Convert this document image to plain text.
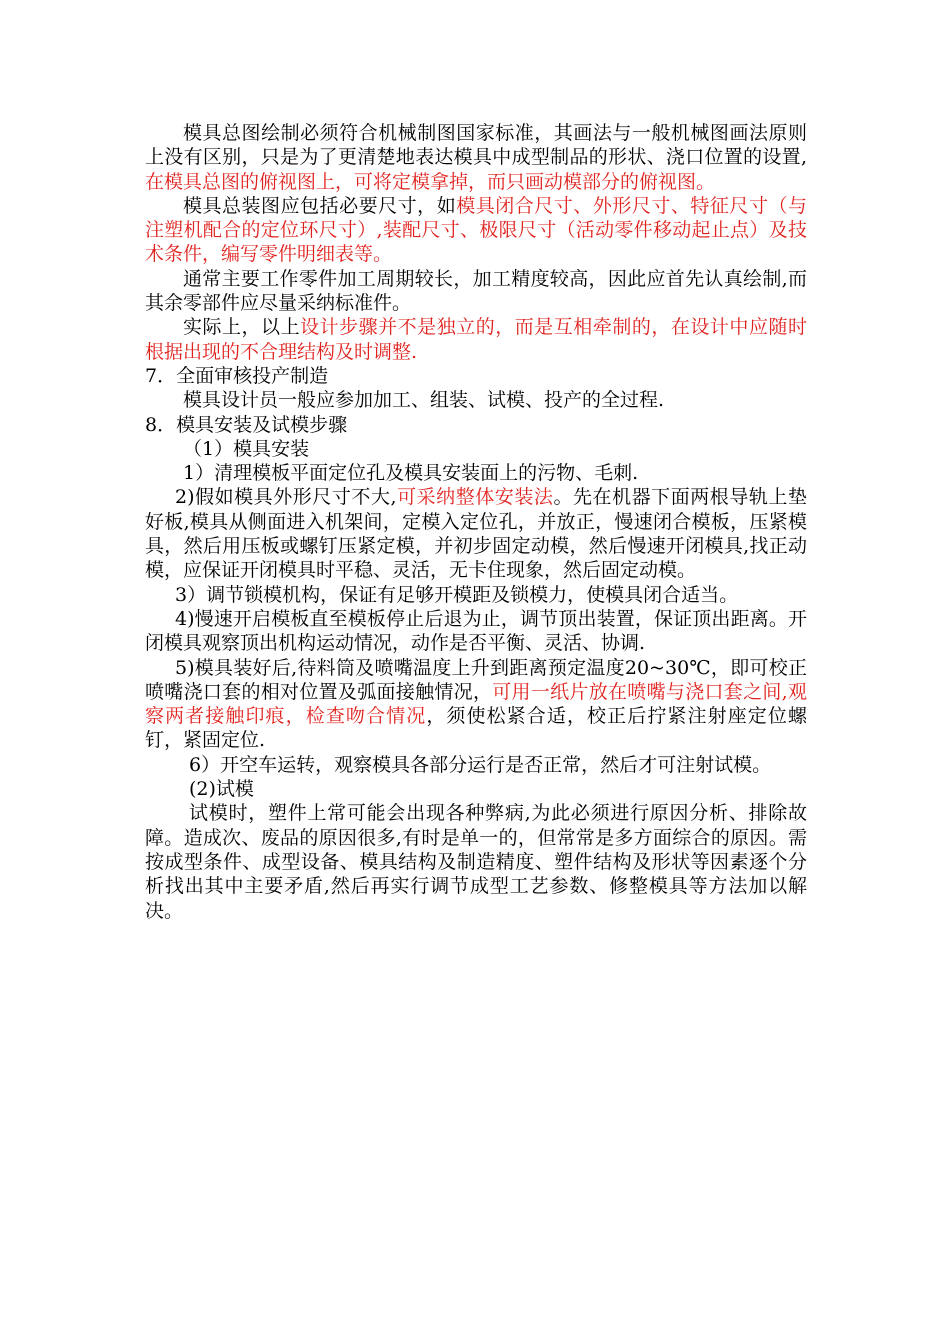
模具总图绘制必须符合机械制图国家标准，其画法与一般机械图画法原则上没有区别，只是为了更清楚地表达模具中成型制品的形状、浇口位置的设置,在模具总图的俯视图上，可将定模拿掉，而只画动模部分的俯视图。

模具总装图应包括必要尺寸，如模具闭合尺寸、外形尺寸、特征尺寸（与注塑机配合的定位环尺寸）,装配尺寸、极限尺寸（活动零件移动起止点）及技术条件，编写零件明细表等。

通常主要工作零件加工周期较长，加工精度较高，因此应首先认真绘制,而其余零部件应尽量采纳标准件。

实际上，以上设计步骤并不是独立的，而是互相牵制的，在设计中应随时根据出现的不合理结构及时调整.

7．全面审核投产制造

模具设计员一般应参加加工、组装、试模、投产的全过程.

8．模具安装及试模步骤

（1）模具安装

1）清理模板平面定位孔及模具安装面上的污物、毛刺.

2)假如模具外形尺寸不大,可采纳整体安装法。先在机器下面两根导轨上垫好板,模具从侧面进入机架间，定模入定位孔，并放正，慢速闭合模板，压紧模具，然后用压板或螺钉压紧定模，并初步固定动模，然后慢速开闭模具,找正动模，应保证开闭模具时平稳、灵活，无卡住现象，然后固定动模。

3）调节锁模机构，保证有足够开模距及锁模力，使模具闭合适当。

4)慢速开启模板直至模板停止后退为止，调节顶出装置，保证顶出距离。开闭模具观察顶出机构运动情况，动作是否平衡、灵活、协调.

5)模具装好后,待料筒及喷嘴温度上升到距离预定温度20~30℃，即可校正喷嘴浇口套的相对位置及弧面接触情况，可用一纸片放在喷嘴与浇口套之间,观察两者接触印痕，检查吻合情况，须使松紧合适，校正后拧紧注射座定位螺钉，紧固定位.

6）开空车运转，观察模具各部分运行是否正常，然后才可注射试模。

(2)试模

试模时，塑件上常可能会出现各种弊病,为此必须进行原因分析、排除故障。造成次、废品的原因很多,有时是单一的，但常常是多方面综合的原因。需按成型条件、成型设备、模具结构及制造精度、塑件结构及形状等因素逐个分析找出其中主要矛盾,然后再实行调节成型工艺参数、修整模具等方法加以解决。
